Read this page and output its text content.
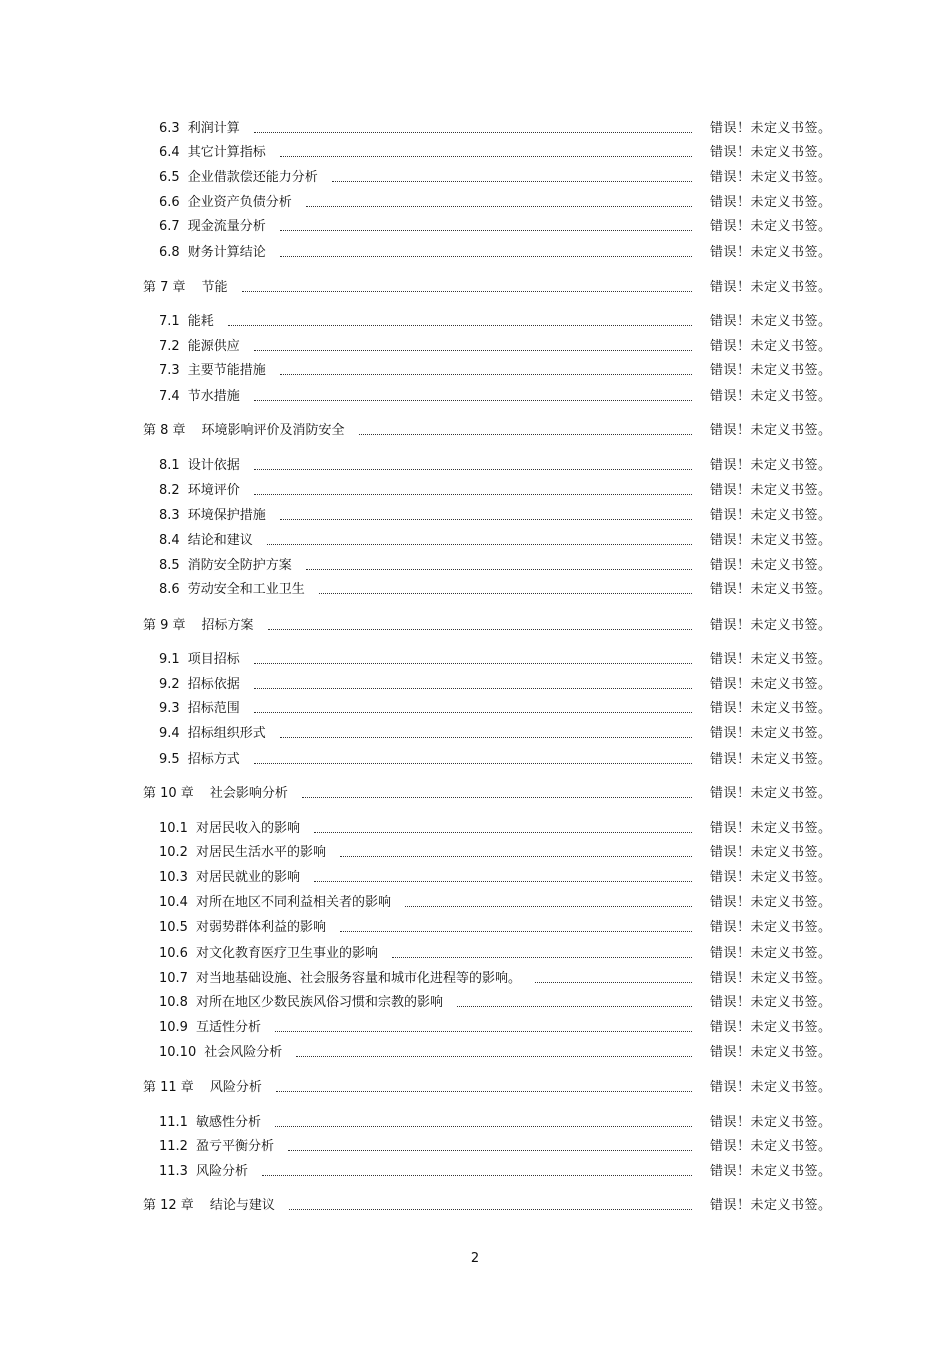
6.3 利润计算	错误！未定义书签。
6.4 其它计算指标	错误！未定义书签。
6.5 企业借款偿还能力分析	错误！未定义书签。
6.6 企业资产负债分析	错误！未定义书签。
6.7 现金流量分析	错误！未定义书签。
6.8 财务计算结论	错误！未定义书签。
第 7 章 节能	错误！未定义书签。
7.1 能耗	错误！未定义书签。
7.2 能源供应	错误！未定义书签。
7.3 主要节能措施	错误！未定义书签。
7.4 节水措施	错误！未定义书签。
第 8 章 环境影响评价及消防安全	错误！未定义书签。
8.1 设计依据	错误！未定义书签。
8.2 环境评价	错误！未定义书签。
8.3 环境保护措施	错误！未定义书签。
8.4 结论和建议	错误！未定义书签。
8.5 消防安全防护方案	错误！未定义书签。
8.6 劳动安全和工业卫生	错误！未定义书签。
第 9 章 招标方案	错误！未定义书签。
9.1 项目招标	错误！未定义书签。
9.2 招标依据	错误！未定义书签。
9.3 招标范围	错误！未定义书签。
9.4 招标组织形式	错误！未定义书签。
9.5 招标方式	错误！未定义书签。
第 10 章 社会影响分析	错误！未定义书签。
10.1 对居民收入的影响	错误！未定义书签。
10.2 对居民生活水平的影响	错误！未定义书签。
10.3 对居民就业的影响	错误！未定义书签。
10.4 对所在地区不同利益相关者的影响	错误！未定义书签。
10.5 对弱势群体利益的影响	错误！未定义书签。
10.6 对文化教育医疗卫生事业的影响	错误！未定义书签。
10.7 对当地基础设施、社会服务容量和城市化进程等的影响。	错误！未定义书签。
10.8 对所在地区少数民族风俗习惯和宗教的影响	错误！未定义书签。
10.9 互适性分析	错误！未定义书签。
10.10 社会风险分析	错误！未定义书签。
第 11 章 风险分析	错误！未定义书签。
11.1 敏感性分析	错误！未定义书签。
11.2 盈亏平衡分析	错误！未定义书签。
11.3 风险分析	错误！未定义书签。
第 12 章 结论与建议	错误！未定义书签。
2
